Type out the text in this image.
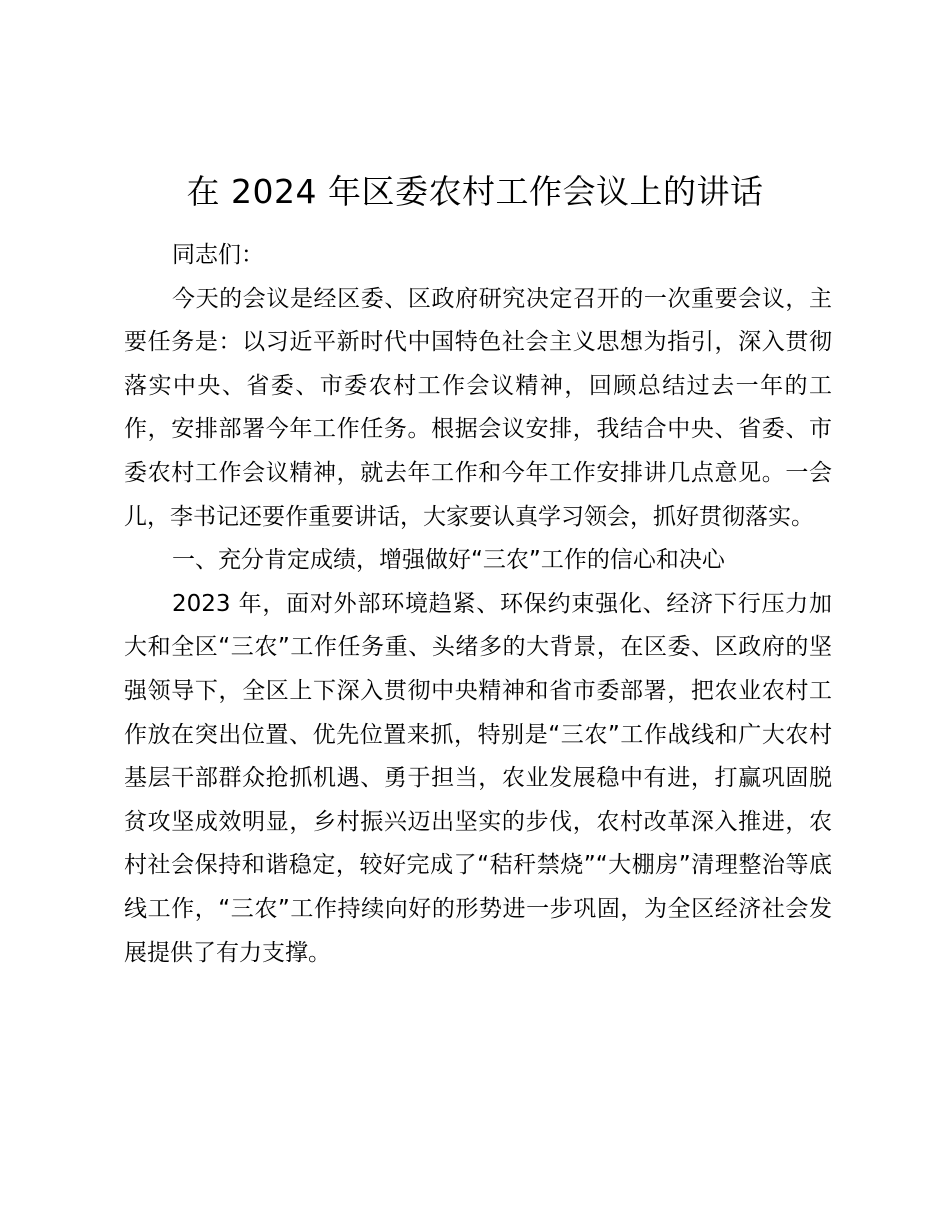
在 2024 年区委农村工作会议上的讲话

同志们：

今天的会议是经区委、区政府研究决定召开的一次重要会议，主要任务是：以习近平新时代中国特色社会主义思想为指引，深入贯彻落实中央、省委、市委农村工作会议精神，回顾总结过去一年的工作，安排部署今年工作任务。根据会议安排，我结合中央、省委、市委农村工作会议精神，就去年工作和今年工作安排讲几点意见。一会儿，李书记还要作重要讲话，大家要认真学习领会，抓好贯彻落实。

一、充分肯定成绩，增强做好“三农”工作的信心和决心

2023 年，面对外部环境趋紧、环保约束强化、经济下行压力加大和全区“三农”工作任务重、头绪多的大背景，在区委、区政府的坚强领导下，全区上下深入贯彻中央精神和省市委部署，把农业农村工作放在突出位置、优先位置来抓，特别是“三农”工作战线和广大农村基层干部群众抢抓机遇、勇于担当，农业发展稳中有进，打赢巩固脱贫攻坚成效明显，乡村振兴迈出坚实的步伐，农村改革深入推进，农村社会保持和谐稳定，较好完成了“秸秆禁烧”“大棚房”清理整治等底线工作，“三农”工作持续向好的形势进一步巩固，为全区经济社会发展提供了有力支撑。
